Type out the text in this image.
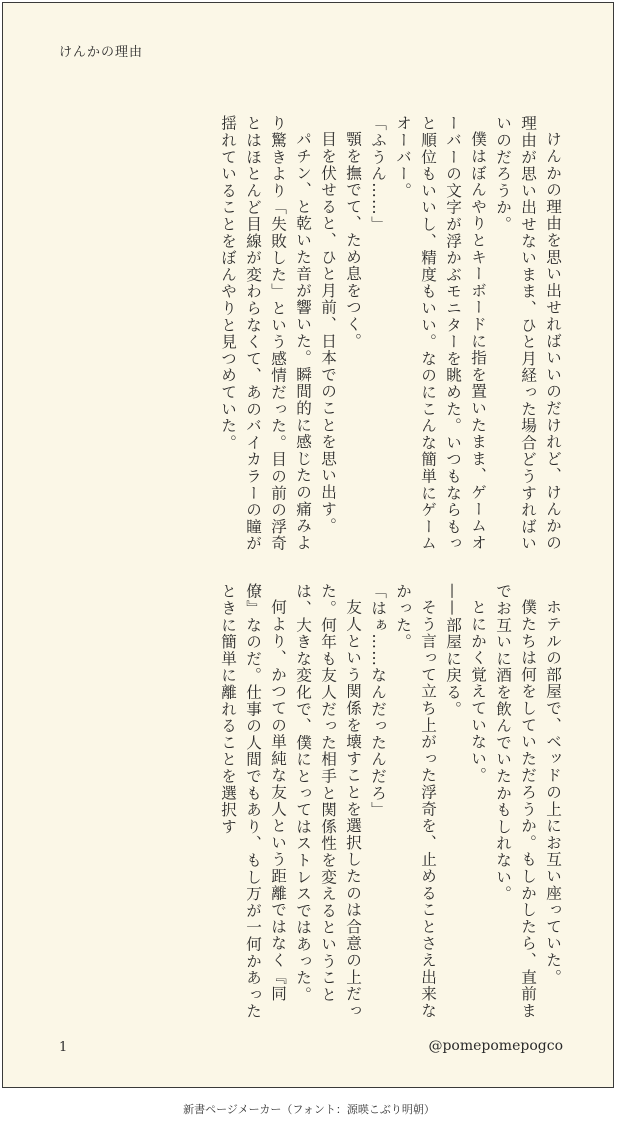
けんかの理由

けんかの理由を思い出せればいいのだけれど、けんかの理由が思い出せないまま、ひと月経った場合どうすればいいのだろうか。

僕はぼんやりとキーボードに指を置いたまま、ゲームオーバーの文字が浮かぶモニターを眺めた。いつもならもっと順位もいいし、精度もいい。なのにこんな簡単にゲームオーバー。

「ふうん……」

顎を撫でて、ため息をつく。

目を伏せると、ひと月前、日本でのことを思い出す。

パチン、と乾いた音が響いた。瞬間的に感じたの痛みより驚きより「失敗した」という感情だった。目の前の浮奇とはほとんど目線が変わらなくて、あのバイカラーの瞳が揺れていることをぼんやりと見つめていた。

ホテルの部屋で、ベッドの上にお互い座っていた。

僕たちは何をしていただろうか。もしかしたら、直前までお互いに酒を飲んでいたかもしれない。

とにかく覚えていない。

——部屋に戻る。

そう言って立ち上がった浮奇を、止めることさえ出来なかった。

「はぁ……なんだったんだろ」

友人という関係を壊すことを選択したのは合意の上だった。何年も友人だった相手と関係性を変えるということは、大きな変化で、僕にとってはストレスではあった。

何より、かつての単純な友人という距離ではなく『同僚』なのだ。仕事の人間でもあり、もし万が一何かあったときに簡単に離れることを選択す

1	@pomepomepogco
新書ページメーカー（フォント：源暎こぶり明朝）
